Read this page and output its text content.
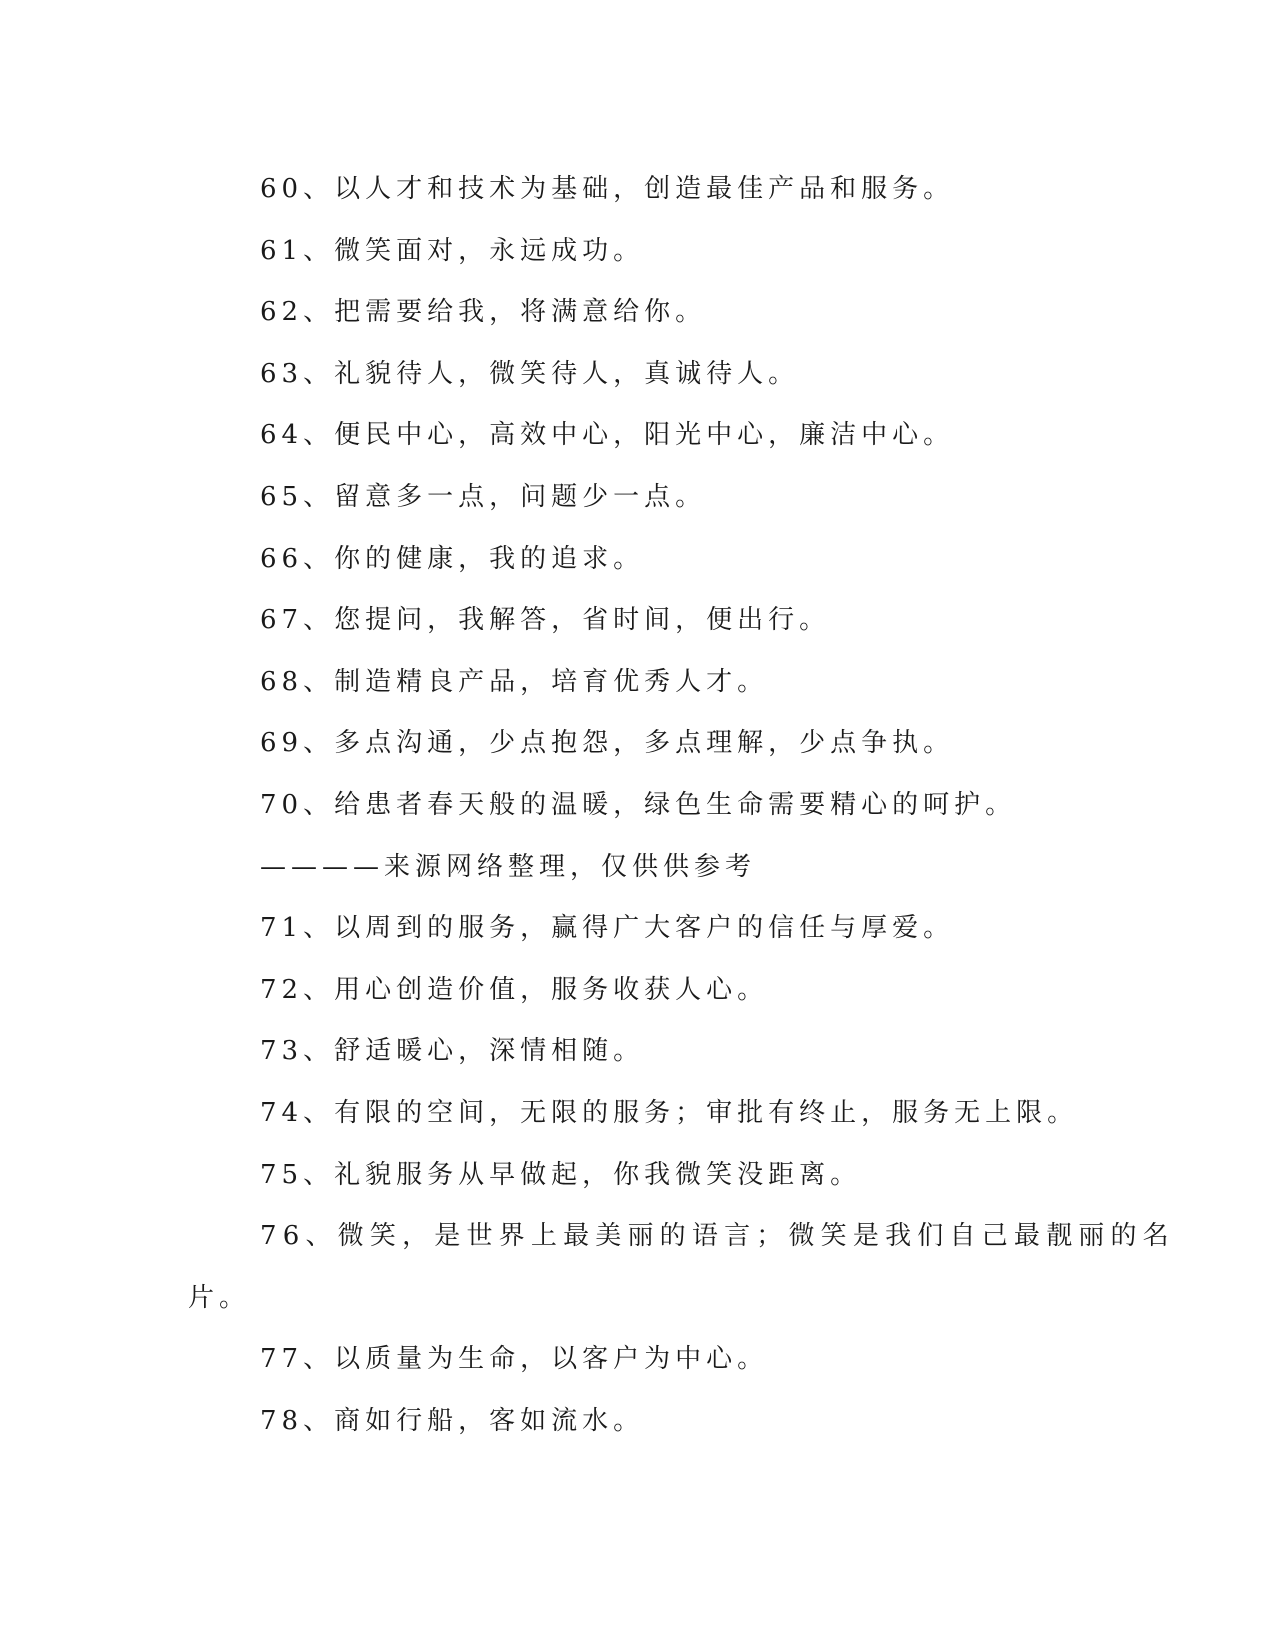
60、以人才和技术为基础，创造最佳产品和服务。
61、微笑面对，永远成功。
62、把需要给我，将满意给你。
63、礼貌待人，微笑待人，真诚待人。
64、便民中心，高效中心，阳光中心，廉洁中心。
65、留意多一点，问题少一点。
66、你的健康，我的追求。
67、您提问，我解答，省时间，便出行。
68、制造精良产品，培育优秀人才。
69、多点沟通，少点抱怨，多点理解，少点争执。
70、给患者春天般的温暖，绿色生命需要精心的呵护。
————来源网络整理，仅供供参考
71、以周到的服务，赢得广大客户的信任与厚爱。
72、用心创造价值，服务收获人心。
73、舒适暖心，深情相随。
74、有限的空间，无限的服务；审批有终止，服务无上限。
75、礼貌服务从早做起，你我微笑没距离。
76、微笑，是世界上最美丽的语言；微笑是我们自己最靓丽的名
片。
77、以质量为生命，以客户为中心。
78、商如行船，客如流水。
